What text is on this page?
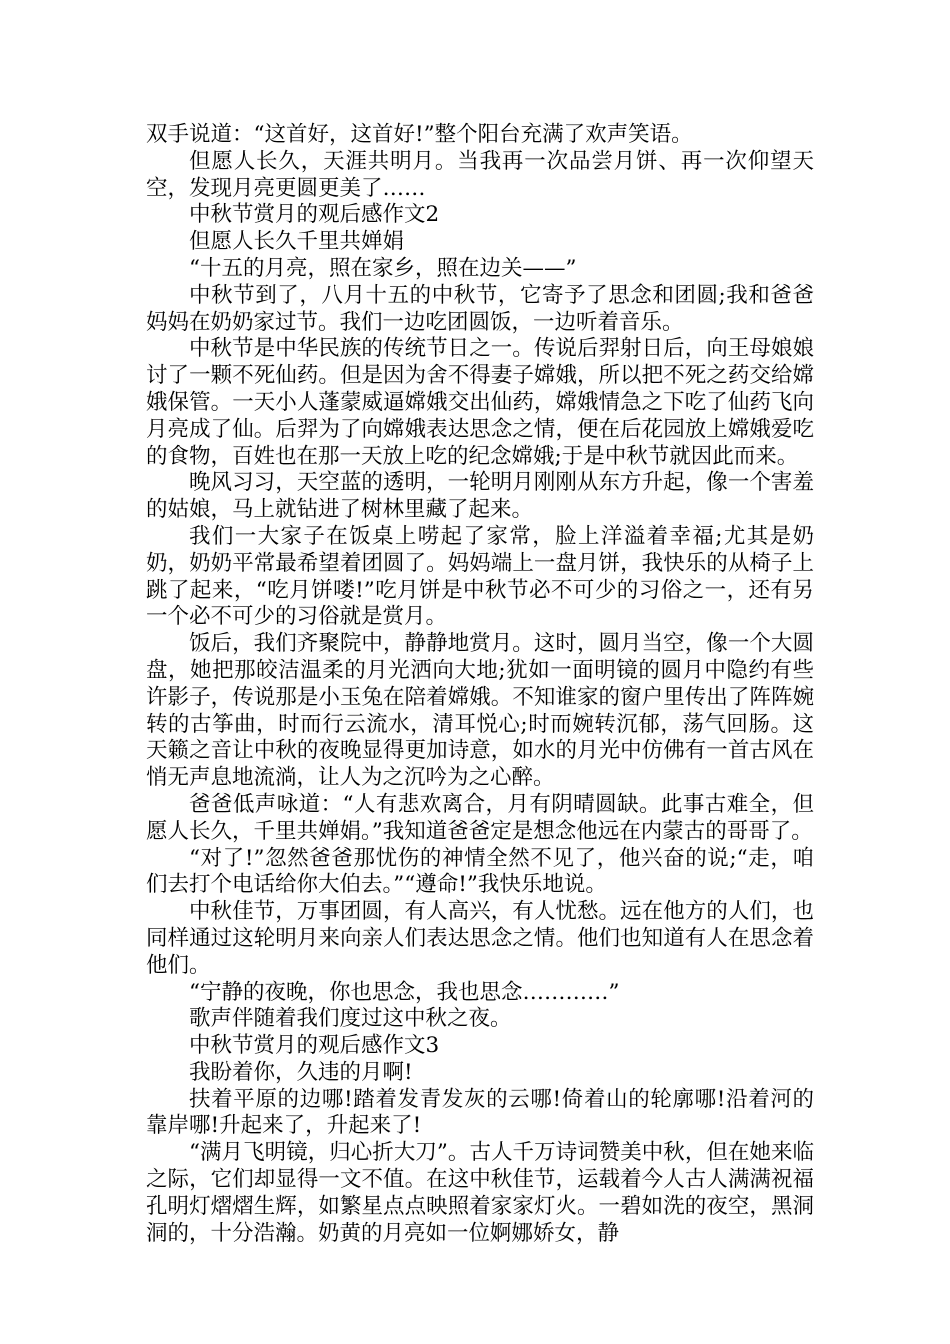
双手说道：“这首好，这首好!”整个阳台充满了欢声笑语。

但愿人长久，天涯共明月。当我再一次品尝月饼、再一次仰望天空，发现月亮更圆更美了……

中秋节赏月的观后感作文2

但愿人长久千里共婵娟

“十五的月亮，照在家乡，照在边关——”

中秋节到了，八月十五的中秋节，它寄予了思念和团圆;我和爸爸妈妈在奶奶家过节。我们一边吃团圆饭，一边听着音乐。

中秋节是中华民族的传统节日之一。传说后羿射日后，向王母娘娘讨了一颗不死仙药。但是因为舍不得妻子嫦娥，所以把不死之药交给嫦娥保管。一天小人蓬蒙威逼嫦娥交出仙药，嫦娥情急之下吃了仙药飞向月亮成了仙。后羿为了向嫦娥表达思念之情，便在后花园放上嫦娥爱吃的食物，百姓也在那一天放上吃的纪念嫦娥;于是中秋节就因此而来。

晚风习习，天空蓝的透明，一轮明月刚刚从东方升起，像一个害羞的姑娘，马上就钻进了树林里藏了起来。

我们一大家子在饭桌上唠起了家常，脸上洋溢着幸福;尤其是奶奶，奶奶平常最希望着团圆了。妈妈端上一盘月饼，我快乐的从椅子上跳了起来，“吃月饼喽!”吃月饼是中秋节必不可少的习俗之一，还有另一个必不可少的习俗就是赏月。

饭后，我们齐聚院中，静静地赏月。这时，圆月当空，像一个大圆盘，她把那皎洁温柔的月光洒向大地;犹如一面明镜的圆月中隐约有些许影子，传说那是小玉兔在陪着嫦娥。不知谁家的窗户里传出了阵阵婉转的古筝曲，时而行云流水，清耳悦心;时而婉转沉郁，荡气回肠。这天籁之音让中秋的夜晚显得更加诗意，如水的月光中仿佛有一首古风在悄无声息地流淌，让人为之沉吟为之心醉。

爸爸低声咏道：“人有悲欢离合，月有阴晴圆缺。此事古难全，但愿人长久，千里共婵娟。”我知道爸爸定是想念他远在内蒙古的哥哥了。

“对了!”忽然爸爸那忧伤的神情全然不见了，他兴奋的说;“走，咱们去打个电话给你大伯去。”“遵命!”我快乐地说。

中秋佳节，万事团圆，有人高兴，有人忧愁。远在他方的人们，也同样通过这轮明月来向亲人们表达思念之情。他们也知道有人在思念着他们。

“宁静的夜晚，你也思念，我也思念…………”

歌声伴随着我们度过这中秋之夜。

中秋节赏月的观后感作文3

我盼着你，久违的月啊!

扶着平原的边哪!踏着发青发灰的云哪!倚着山的轮廓哪!沿着河的靠岸哪!升起来了，升起来了!

“满月飞明镜，归心折大刀”。古人千万诗词赞美中秋，但在她来临之际，它们却显得一文不值。在这中秋佳节，运载着今人古人满满祝福孔明灯熠熠生辉，如繁星点点映照着家家灯火。一碧如洗的夜空，黑洞洞的，十分浩瀚。奶黄的月亮如一位婀娜娇女，静
